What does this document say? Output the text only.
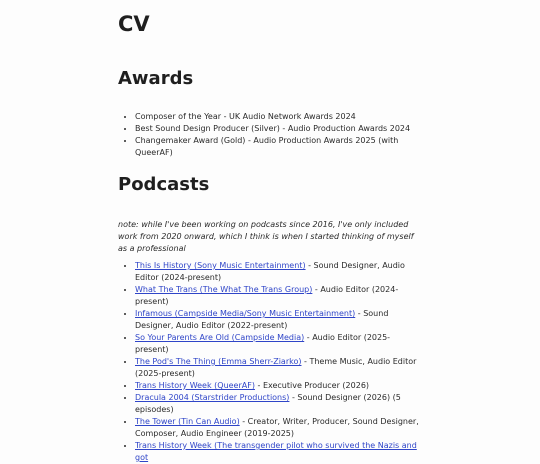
CV
Awards
• Composer of the Year - UK Audio Network Awards 2024
• Best Sound Design Producer (Silver) - Audio Production Awards 2024
• Changemaker Award (Gold) - Audio Production Awards 2025 (with QueerAF)
Podcasts

note: while I've been working on podcasts since 2016, I've only included work from 2020 onward, which I think is when I started thinking of myself as a professional

• This Is History (Sony Music Entertainment) - Sound Designer, Audio Editor (2024-present)
• What The Trans (The What The Trans Group) - Audio Editor (2024-present)
• Infamous (Campside Media/Sony Music Entertainment) - Sound Designer, Audio Editor (2022-present)
• So Your Parents Are Old (Campside Media) - Audio Editor (2025-present)
• The Pod's The Thing (Emma Sherr-Ziarko) - Theme Music, Audio Editor (2025-present)
• Trans History Week (QueerAF) - Executive Producer (2026)
• Dracula 2004 (Starstrider Productions) - Sound Designer (2026) (5 episodes)
• The Tower (Tin Can Audio) - Creator, Writer, Producer, Sound Designer, Composer, Audio Engineer (2019-2025)
• Trans History Week (The transgender pilot who survived the Nazis and got
